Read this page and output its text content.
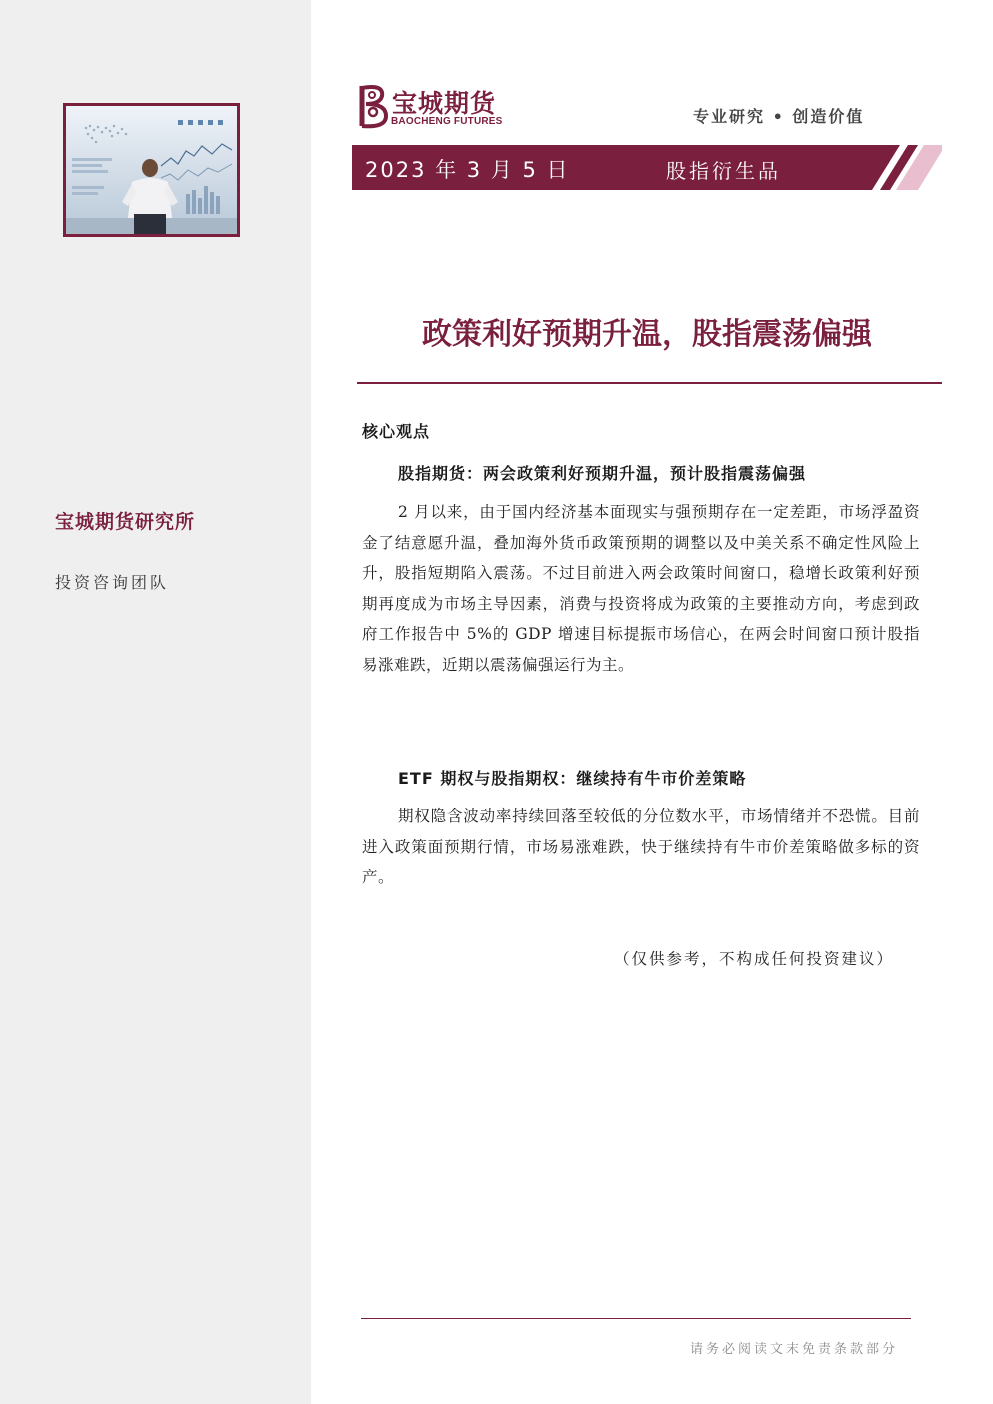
宝城期货研究所
投资咨询团队
宝城期货
BAOCHENG FUTURES	专业研究 • 创造价值
2023 年 3 月 5 日	股指衍生品
政策利好预期升温，股指震荡偏强
核心观点
股指期货：两会政策利好预期升温，预计股指震荡偏强
2 月以来，由于国内经济基本面现实与强预期存在一定差距，市场浮盈资金了结意愿升温，叠加海外货币政策预期的调整以及中美关系不确定性风险上升，股指短期陷入震荡。不过目前进入两会政策时间窗口，稳增长政策利好预期再度成为市场主导因素，消费与投资将成为政策的主要推动方向，考虑到政府工作报告中 5%的 GDP 增速目标提振市场信心，在两会时间窗口预计股指易涨难跌，近期以震荡偏强运行为主。
ETF 期权与股指期权：继续持有牛市价差策略
期权隐含波动率持续回落至较低的分位数水平，市场情绪并不恐慌。目前进入政策面预期行情，市场易涨难跌，快于继续持有牛市价差策略做多标的资产。
（仅供参考，不构成任何投资建议）
请务必阅读文末免责条款部分
